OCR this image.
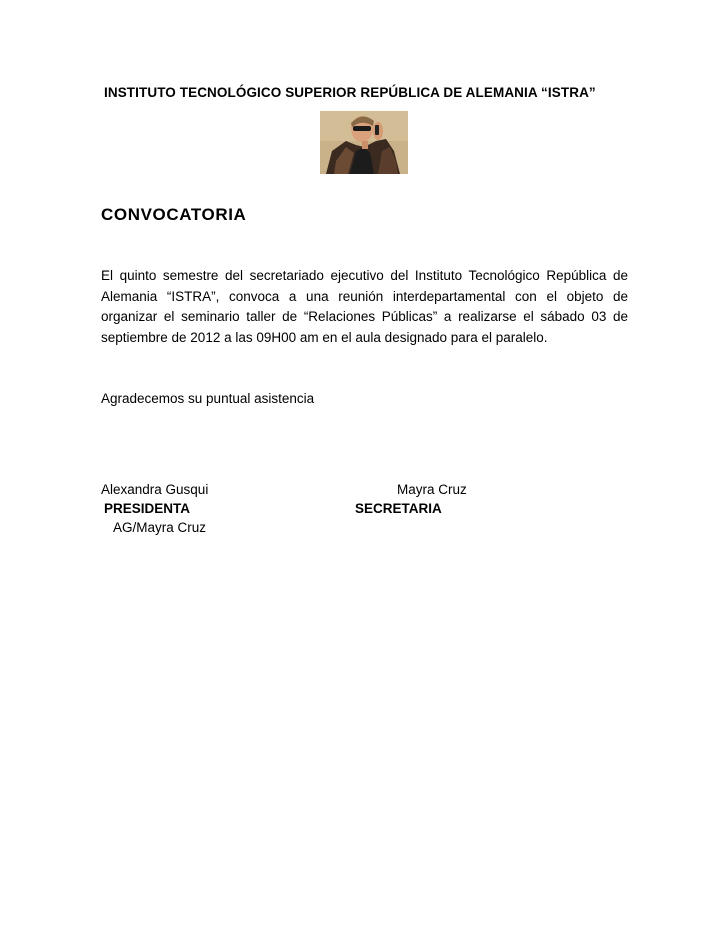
INSTITUTO TECNOLÓGICO SUPERIOR REPÚBLICA DE ALEMANIA “ISTRA”
CONVOCATORIA
El quinto semestre del secretariado ejecutivo del Instituto Tecnológico República de Alemania “ISTRA”, convoca a una reunión interdepartamental con el objeto de organizar el seminario taller de “Relaciones Públicas” a realizarse el sábado 03 de septiembre de 2012 a las 09H00 am en el aula designado para el paralelo.
Agradecemos su puntual asistencia
Alexandra Gusqui
PRESIDENTA
Mayra Cruz
SECRETARIA
AG/Mayra Cruz
